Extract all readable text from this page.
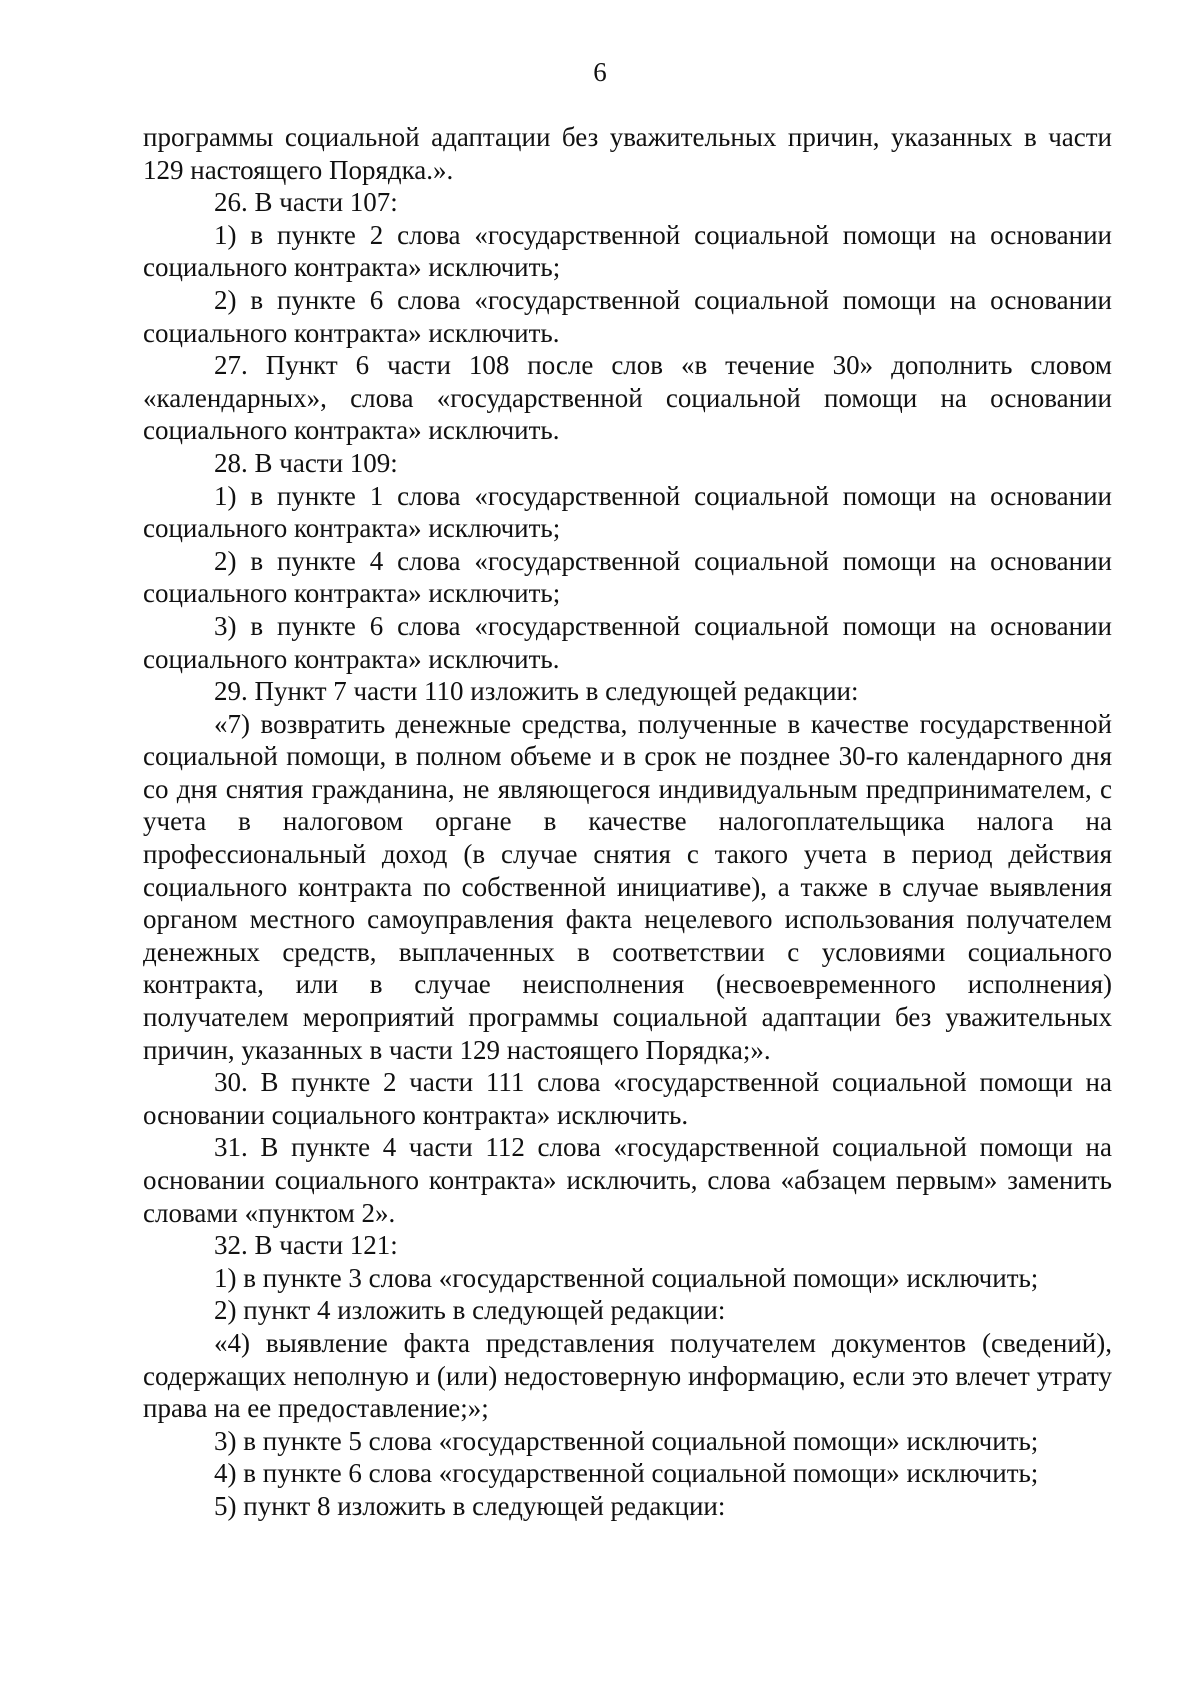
6

программы социальной адаптации без уважительных причин, указанных в части 129 настоящего Порядка.».

26. В части 107:

1) в пункте 2 слова «государственной социальной помощи на основании социального контракта» исключить;

2) в пункте 6 слова «государственной социальной помощи на основании социального контракта» исключить.

27. Пункт 6 части 108 после слов «в течение 30» дополнить словом «календарных», слова «государственной социальной помощи на основании социального контракта» исключить.

28. В части 109:

1) в пункте 1 слова «государственной социальной помощи на основании социального контракта» исключить;

2) в пункте 4 слова «государственной социальной помощи на основании социального контракта» исключить;

3) в пункте 6 слова «государственной социальной помощи на основании социального контракта» исключить.

29. Пункт 7 части 110 изложить в следующей редакции:

«7) возвратить денежные средства, полученные в качестве государственной социальной помощи, в полном объеме и в срок не позднее 30-го календарного дня со дня снятия гражданина, не являющегося индивидуальным предпринимателем, с учета в налоговом органе в качестве налогоплательщика налога на профессиональный доход (в случае снятия с такого учета в период действия социального контракта по собственной инициативе), а также в случае выявления органом местного самоуправления факта нецелевого использования получателем денежных средств, выплаченных в соответствии с условиями социального контракта, или в случае неисполнения (несвоевременного исполнения) получателем мероприятий программы социальной адаптации без уважительных причин, указанных в части 129 настоящего Порядка;».

30. В пункте 2 части 111 слова «государственной социальной помощи на основании социального контракта» исключить.

31. В пункте 4 части 112 слова «государственной социальной помощи на основании социального контракта» исключить, слова «абзацем первым» заменить словами «пунктом 2».

32. В части 121:

1) в пункте 3 слова «государственной социальной помощи» исключить;

2) пункт 4 изложить в следующей редакции:

«4) выявление факта представления получателем документов (сведений), содержащих неполную и (или) недостоверную информацию, если это влечет утрату права на ее предоставление;»;

3) в пункте 5 слова «государственной социальной помощи» исключить;

4) в пункте 6 слова «государственной социальной помощи» исключить;

5) пункт 8 изложить в следующей редакции:
